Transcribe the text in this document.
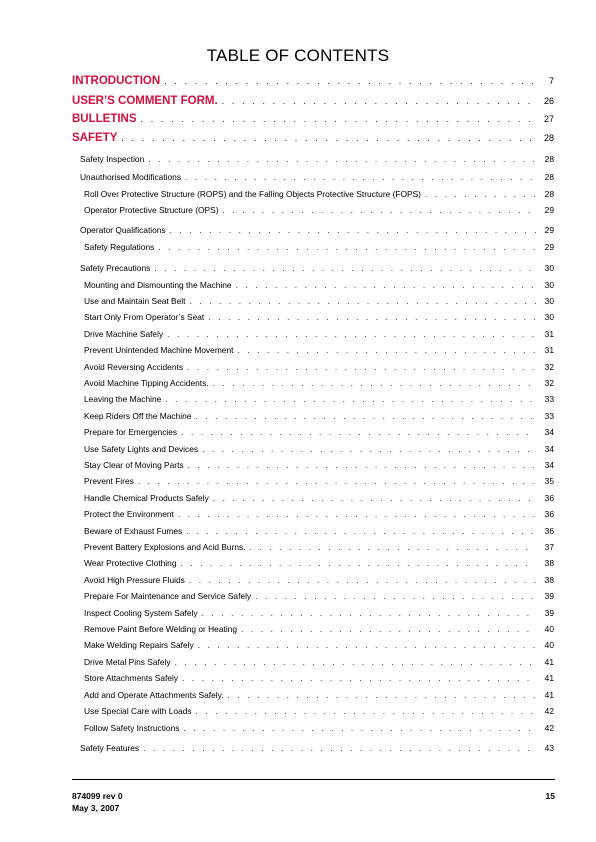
TABLE OF CONTENTS
INTRODUCTION . . .	7
USER’S COMMENT FORM. . . .	26
BULLETINS . . .	27
SAFETY . . .	28
Safety Inspection . . .	28
Unauthorised Modifications . . .	28
Roll Over Protective Structure (ROPS) and the Falling Objects Protective Structure (FOPS) . . .	28
Operator Protective Structure (OPS) . . .	29
Operator Qualifications . . .	29
Safety Regulations . . .	29
Safety Precautions . . .	30
Mounting and Dismounting the Machine . . .	30
Use and Maintain Seat Belt . . .	30
Start Only From Operator’s Seat . . .	30
Drive Machine Safely . . .	31
Prevent Unintended Machine Movement . . .	31
Avoid Reversing Accidents . . .	32
Avoid Machine Tipping Accidents. . . .	32
Leaving the Machine . . .	33
Keep Riders Off the Machine . . .	33
Prepare for Emergencies . . .	34
Use Safety Lights and Devices . . .	34
Stay Clear of Moving Parts . . .	34
Prevent Fires . . .	35
Handle Chemical Products Safely . . .	36
Protect the Environment . . .	36
Beware of Exhaust Fumes . . .	36
Prevent Battery Explosions and Acid Burns. . . .	37
Wear Protective Clothing . . .	38
Avoid High Pressure Fluids . . .	38
Prepare For Maintenance and Service Safely . . .	39
Inspect Cooling System Safely . . .	39
Remove Paint Before Welding or Heating . . .	40
Make Welding Repairs Safely . . .	40
Drive Metal Pins Safely . . .	41
Store Attachments Safely . . .	41
Add and Operate Attachments Safely. . . .	41
Use Special Care with Loads . . .	42
Follow Safety Instructions . . .	42
Safety Features . . .	43
874099 rev 0
May 3, 2007
15
